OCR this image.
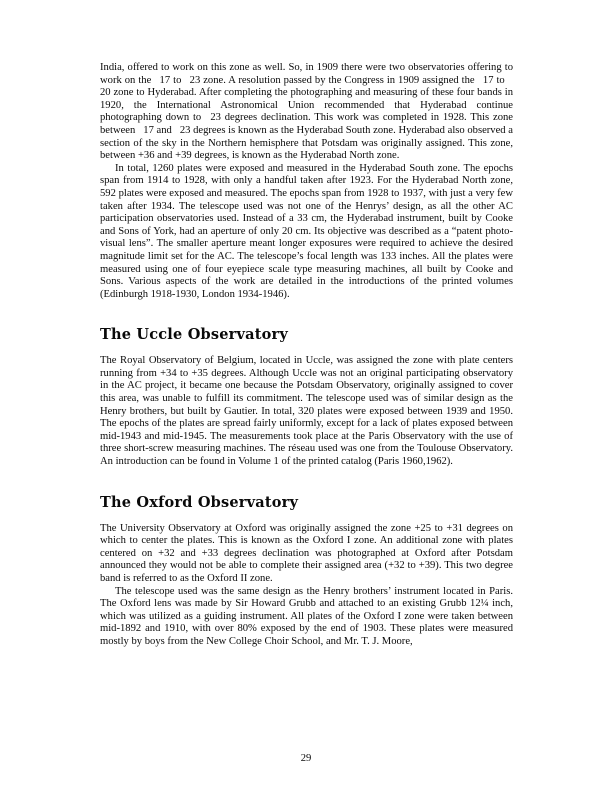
India, offered to work on this zone as well. So, in 1909 there were two observatories offering to work on the  17 to  23 zone. A resolution passed by the Congress in 1909 assigned the  17 to  20 zone to Hyderabad. After completing the photographing and measuring of these four bands in 1920, the International Astronomical Union recommended that Hyderabad continue photographing down to  23 degrees declination. This work was completed in 1928. This zone between  17 and  23 degrees is known as the Hyderabad South zone. Hyderabad also observed a section of the sky in the Northern hemisphere that Potsdam was originally assigned. This zone, between +36 and +39 degrees, is known as the Hyderabad North zone.

In total, 1260 plates were exposed and measured in the Hyderabad South zone. The epochs span from 1914 to 1928, with only a handful taken after 1923. For the Hyderabad North zone, 592 plates were exposed and measured. The epochs span from 1928 to 1937, with just a very few taken after 1934. The telescope used was not one of the Henrys’ design, as all the other AC participation observatories used. Instead of a 33 cm, the Hyderabad instrument, built by Cooke and Sons of York, had an aperture of only 20 cm. Its objective was described as a “patent photo-visual lens”. The smaller aperture meant longer exposures were required to achieve the desired magnitude limit set for the AC. The telescope’s focal length was 133 inches. All the plates were measured using one of four eyepiece scale type measuring machines, all built by Cooke and Sons. Various aspects of the work are detailed in the introductions of the printed volumes (Edinburgh 1918-1930, London 1934-1946).

The Uccle Observatory

The Royal Observatory of Belgium, located in Uccle, was assigned the zone with plate centers running from +34 to +35 degrees. Although Uccle was not an original participating observatory in the AC project, it became one because the Potsdam Observatory, originally assigned to cover this area, was unable to fulfill its commitment. The telescope used was of similar design as the Henry brothers, but built by Gautier. In total, 320 plates were exposed between 1939 and 1950. The epochs of the plates are spread fairly uniformly, except for a lack of plates exposed between mid-1943 and mid-1945. The measurements took place at the Paris Observatory with the use of three short-screw measuring machines. The réseau used was one from the Toulouse Observatory. An introduction can be found in Volume 1 of the printed catalog (Paris 1960,1962).

The Oxford Observatory

The University Observatory at Oxford was originally assigned the zone +25 to +31 degrees on which to center the plates. This is known as the Oxford I zone. An additional zone with plates centered on +32 and +33 degrees declination was photographed at Oxford after Potsdam announced they would not be able to complete their assigned area (+32 to +39). This two degree band is referred to as the Oxford II zone.

The telescope used was the same design as the Henry brothers’ instrument located in Paris. The Oxford lens was made by Sir Howard Grubb and attached to an existing Grubb 12¼ inch, which was utilized as a guiding instrument. All plates of the Oxford I zone were taken between mid-1892 and 1910, with over 80% exposed by the end of 1903. These plates were measured mostly by boys from the New College Choir School, and Mr. T. J. Moore,

29
